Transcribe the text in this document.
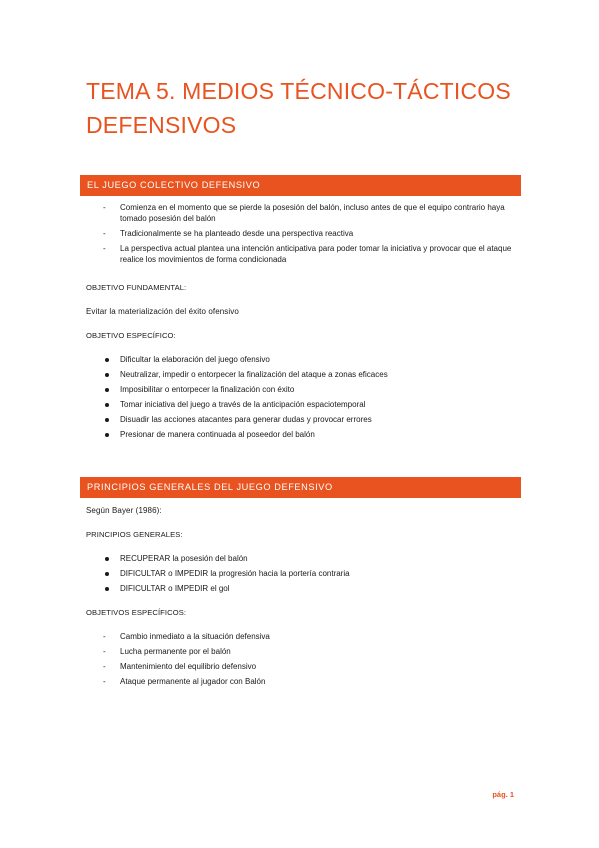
TEMA 5. MEDIOS TÉCNICO-TÁCTICOS DEFENSIVOS
EL JUEGO COLECTIVO DEFENSIVO
- Comienza en el momento que se pierde la posesión del balón, incluso antes de que el equipo contrario haya tomado posesión del balón
- Tradicionalmente se ha planteado desde una perspectiva reactiva
- La perspectiva actual plantea una intención anticipativa para poder tomar la iniciativa y provocar que el ataque realice los movimientos de forma condicionada
OBJETIVO FUNDAMENTAL:
Evitar la materialización del éxito ofensivo
OBJETIVO ESPECÍFICO:
Dificultar la elaboración del juego ofensivo
Neutralizar, impedir o entorpecer la finalización del ataque a zonas eficaces
Imposibilitar o entorpecer la finalización con éxito
Tomar iniciativa del juego a través de la anticipación espaciotemporal
Disuadir las acciones atacantes para generar dudas y provocar errores
Presionar de manera continuada al poseedor del balón
PRINCIPIOS GENERALES DEL JUEGO DEFENSIVO
Según Bayer (1986):
PRINCIPIOS GENERALES:
RECUPERAR la posesión del balón
DIFICULTAR o IMPEDIR la progresión hacia la portería contraria
DIFICULTAR o IMPEDIR el gol
OBJETIVOS ESPECÍFICOS:
- Cambio inmediato a la situación defensiva
- Lucha permanente por el balón
- Mantenimiento del equilibrio defensivo
- Ataque permanente al jugador con Balón
pág. 1
